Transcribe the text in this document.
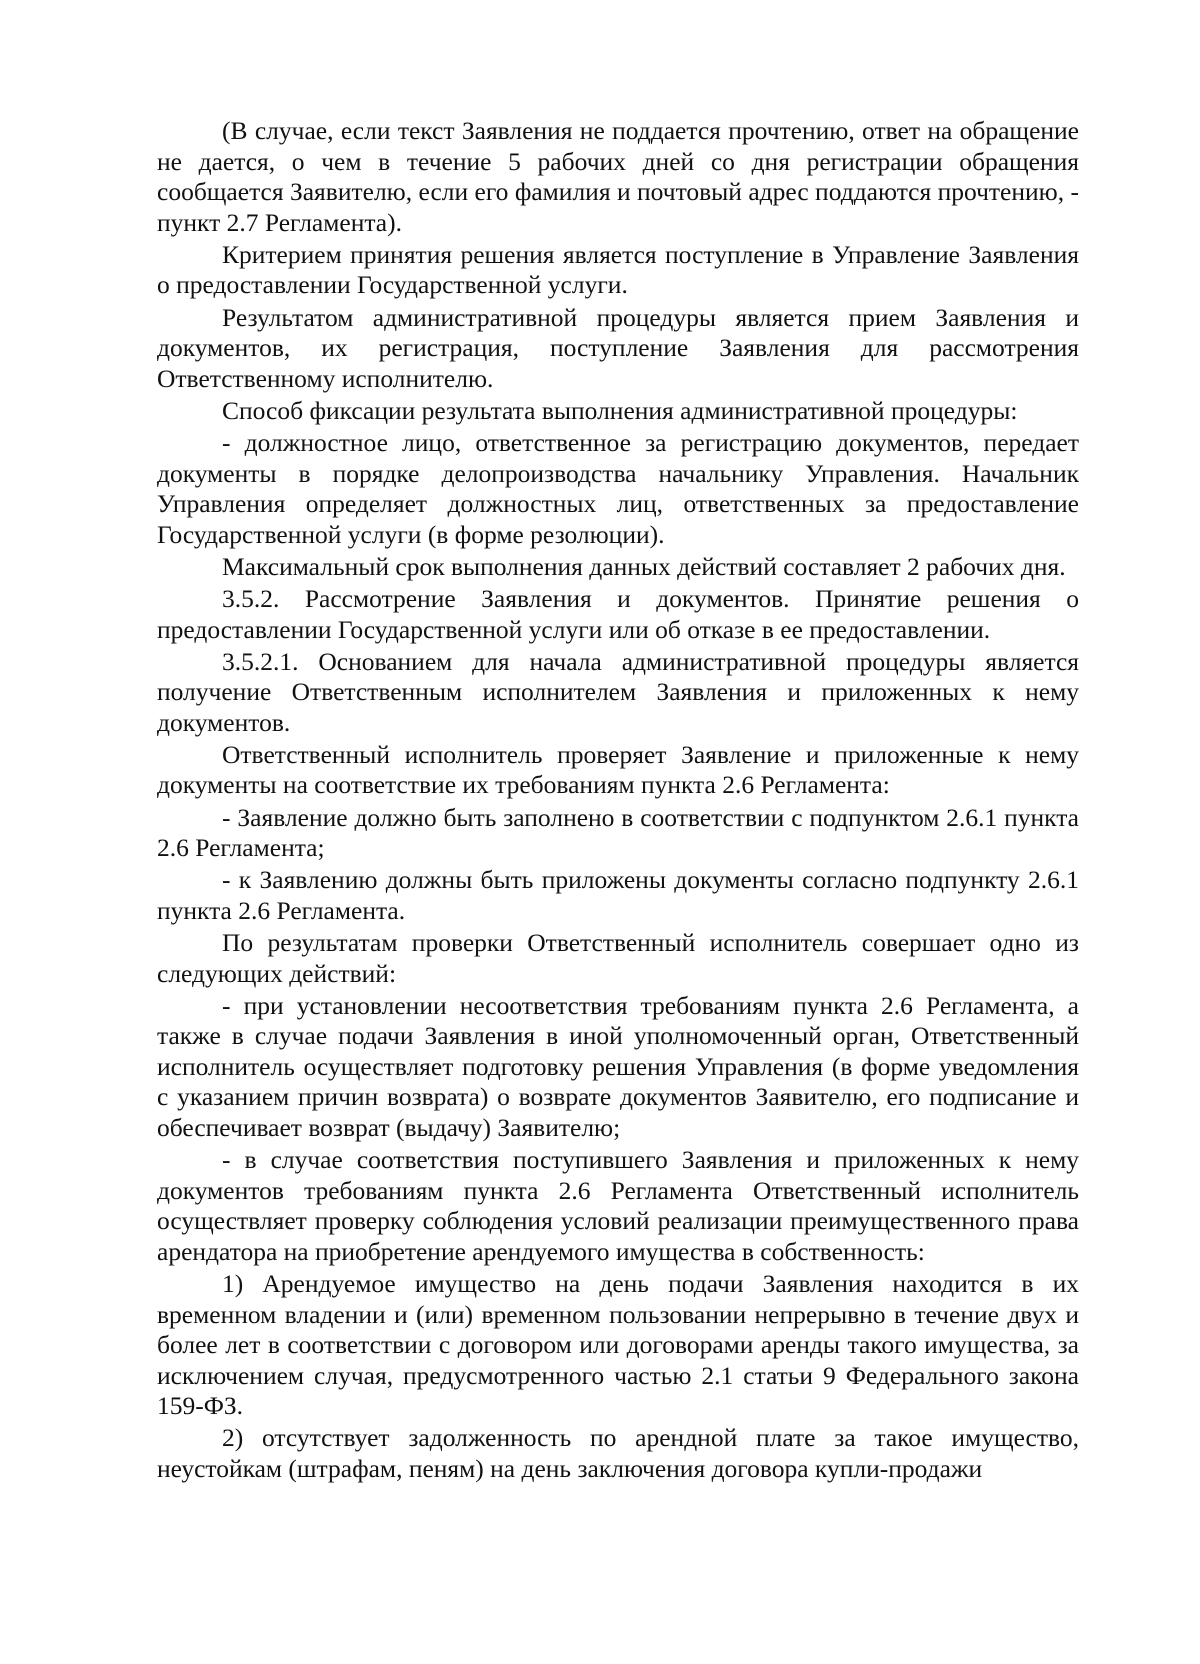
(В случае, если текст Заявления не поддается прочтению, ответ на обращение не дается, о чем в течение 5 рабочих дней со дня регистрации обращения сообщается Заявителю, если его фамилия и почтовый адрес поддаются прочтению, - пункт 2.7 Регламента).

Критерием принятия решения является поступление в Управление Заявления о предоставлении Государственной услуги.

Результатом административной процедуры является прием Заявления и документов, их регистрация, поступление Заявления для рассмотрения Ответственному исполнителю.

Способ фиксации результата выполнения административной процедуры:

- должностное лицо, ответственное за регистрацию документов, передает документы в порядке делопроизводства начальнику Управления. Начальник Управления определяет должностных лиц, ответственных за предоставление Государственной услуги (в форме резолюции).

Максимальный срок выполнения данных действий составляет 2 рабочих дня.

3.5.2. Рассмотрение Заявления и документов. Принятие решения о предоставлении Государственной услуги или об отказе в ее предоставлении.

3.5.2.1. Основанием для начала административной процедуры является получение Ответственным исполнителем Заявления и приложенных к нему документов.

Ответственный исполнитель проверяет Заявление и приложенные к нему документы на соответствие их требованиям пункта 2.6 Регламента:

- Заявление должно быть заполнено в соответствии с подпунктом 2.6.1 пункта 2.6 Регламента;

- к Заявлению должны быть приложены документы согласно подпункту 2.6.1 пункта 2.6 Регламента.

По результатам проверки Ответственный исполнитель совершает одно из следующих действий:

- при установлении несоответствия требованиям пункта 2.6 Регламента, а также в случае подачи Заявления в иной уполномоченный орган, Ответственный исполнитель осуществляет подготовку решения Управления (в форме уведомления с указанием причин возврата) о возврате документов Заявителю, его подписание и обеспечивает возврат (выдачу) Заявителю;

- в случае соответствия поступившего Заявления и приложенных к нему документов требованиям пункта 2.6 Регламента Ответственный исполнитель осуществляет проверку соблюдения условий реализации преимущественного права арендатора на приобретение арендуемого имущества в собственность:

1) Арендуемое имущество на день подачи Заявления находится в их временном владении и (или) временном пользовании непрерывно в течение двух и более лет в соответствии с договором или договорами аренды такого имущества, за исключением случая, предусмотренного частью 2.1 статьи 9 Федерального закона 159-ФЗ.

2) отсутствует задолженность по арендной плате за такое имущество, неустойкам (штрафам, пеням) на день заключения договора купли-продажи
